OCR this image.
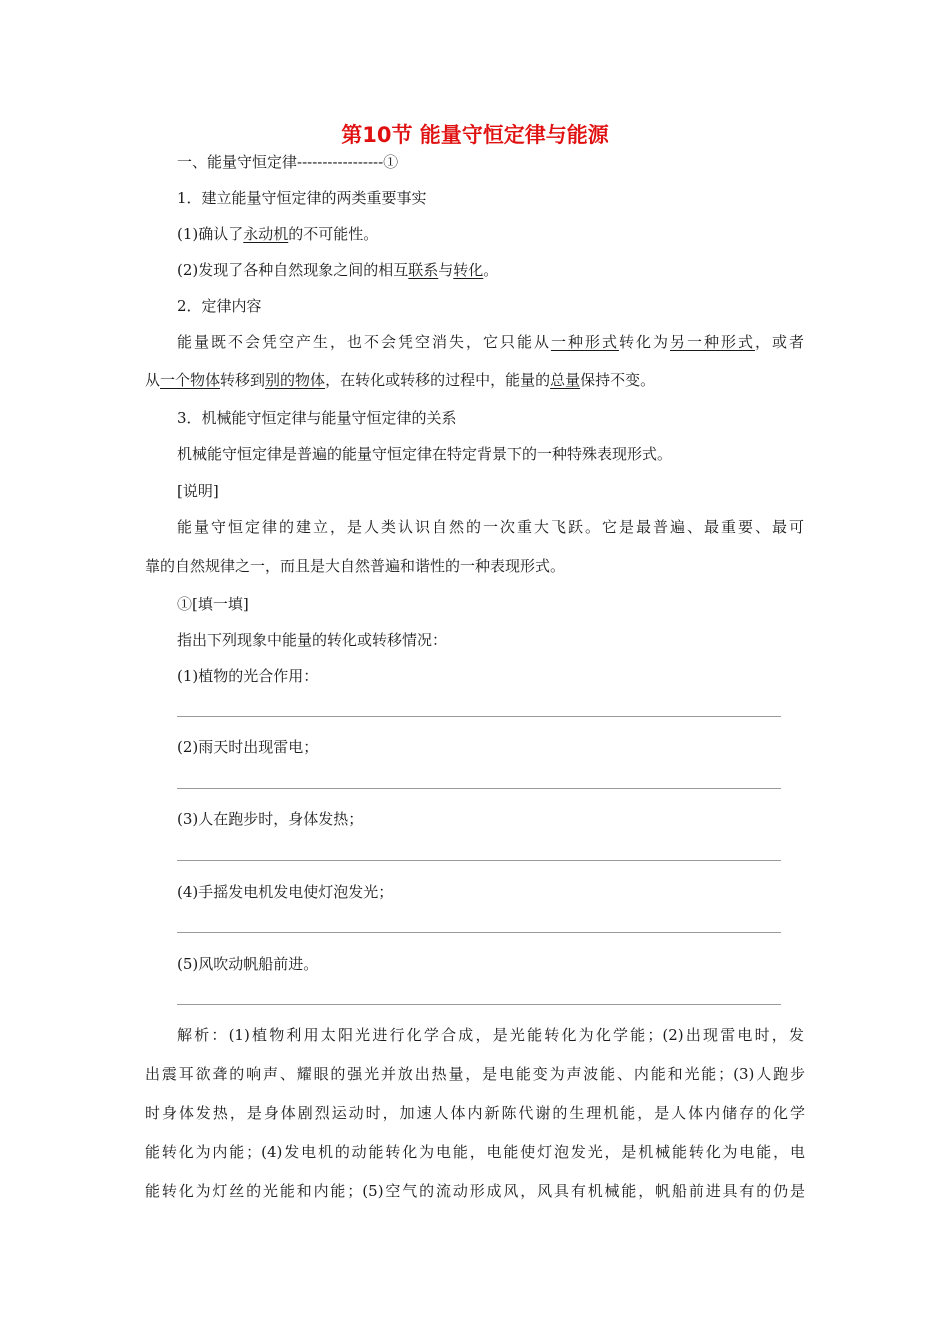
第10节 能量守恒定律与能源
一、能量守恒定律-----------------①
1．建立能量守恒定律的两类重要事实
(1)确认了永动机的不可能性。
(2)发现了各种自然现象之间的相互联系与转化。
2．定律内容
能量既不会凭空产生，也不会凭空消失，它只能从一种形式转化为另一种形式，或者
从一个物体转移到别的物体，在转化或转移的过程中，能量的总量保持不变。
3．机械能守恒定律与能量守恒定律的关系
机械能守恒定律是普遍的能量守恒定律在特定背景下的一种特殊表现形式。
[说明]
能量守恒定律的建立，是人类认识自然的一次重大飞跃。它是最普遍、最重要、最可
靠的自然规律之一，而且是大自然普遍和谐性的一种表现形式。
①[填一填]
指出下列现象中能量的转化或转移情况：
(1)植物的光合作用：
(2)雨天时出现雷电；
(3)人在跑步时，身体发热；
(4)手摇发电机发电使灯泡发光；
(5)风吹动帆船前进。
解析：(1)植物利用太阳光进行化学合成，是光能转化为化学能；(2)出现雷电时，发
出震耳欲聋的响声、耀眼的强光并放出热量，是电能变为声波能、内能和光能；(3)人跑步
时身体发热，是身体剧烈运动时，加速人体内新陈代谢的生理机能，是人体内储存的化学
能转化为内能；(4)发电机的动能转化为电能，电能使灯泡发光，是机械能转化为电能，电
能转化为灯丝的光能和内能；(5)空气的流动形成风，风具有机械能，帆船前进具有的仍是
